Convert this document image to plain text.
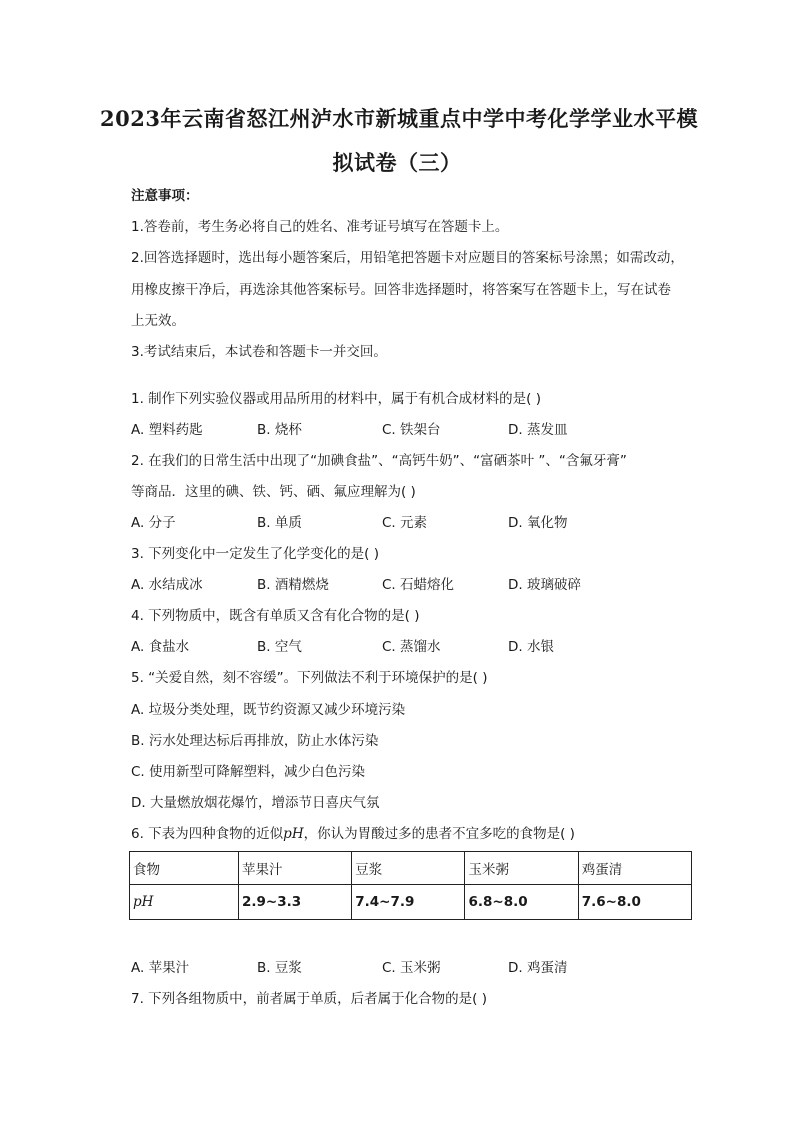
2023年云南省怒江州泸水市新城重点中学中考化学学业水平模
拟试卷（三）
注意事项：
1.答卷前，考生务必将自己的姓名、准考证号填写在答题卡上。
2.回答选择题时，选出每小题答案后，用铅笔把答题卡对应题目的答案标号涂黑；如需改动，
用橡皮擦干净后，再选涂其他答案标号。回答非选择题时，将答案写在答题卡上，写在试卷
上无效。
3.考试结束后，本试卷和答题卡一并交回。
1. 制作下列实验仪器或用品所用的材料中，属于有机合成材料的是( )
A. 塑料药匙	B. 烧杯	C. 铁架台	D. 蒸发皿
2. 在我们的日常生活中出现了“加碘食盐”、“高钙牛奶”、“富硒茶叶 ”、“含氟牙膏”
等商品．这里的碘、铁、钙、硒、氟应理解为( )
A. 分子	B. 单质	C. 元素	D. 氧化物
3. 下列变化中一定发生了化学变化的是( )
A. 水结成冰	B. 酒精燃烧	C. 石蜡熔化	D. 玻璃破碎
4. 下列物质中，既含有单质又含有化合物的是( )
A. 食盐水	B. 空气	C. 蒸馏水	D. 水银
5. “关爱自然，刻不容缓”。下列做法不利于环境保护的是( )
A. 垃圾分类处理，既节约资源又减少环境污染
B. 污水处理达标后再排放，防止水体污染
C. 使用新型可降解塑料，减少白色污染
D. 大量燃放烟花爆竹，增添节日喜庆气氛
6. 下表为四种食物的近似pH，你认为胃酸过多的患者不宜多吃的食物是( )
食物	苹果汁	豆浆	玉米粥	鸡蛋清
pH	2.9~3.3	7.4~7.9	6.8~8.0	7.6~8.0
A. 苹果汁	B. 豆浆	C. 玉米粥	D. 鸡蛋清
7. 下列各组物质中，前者属于单质，后者属于化合物的是( )
